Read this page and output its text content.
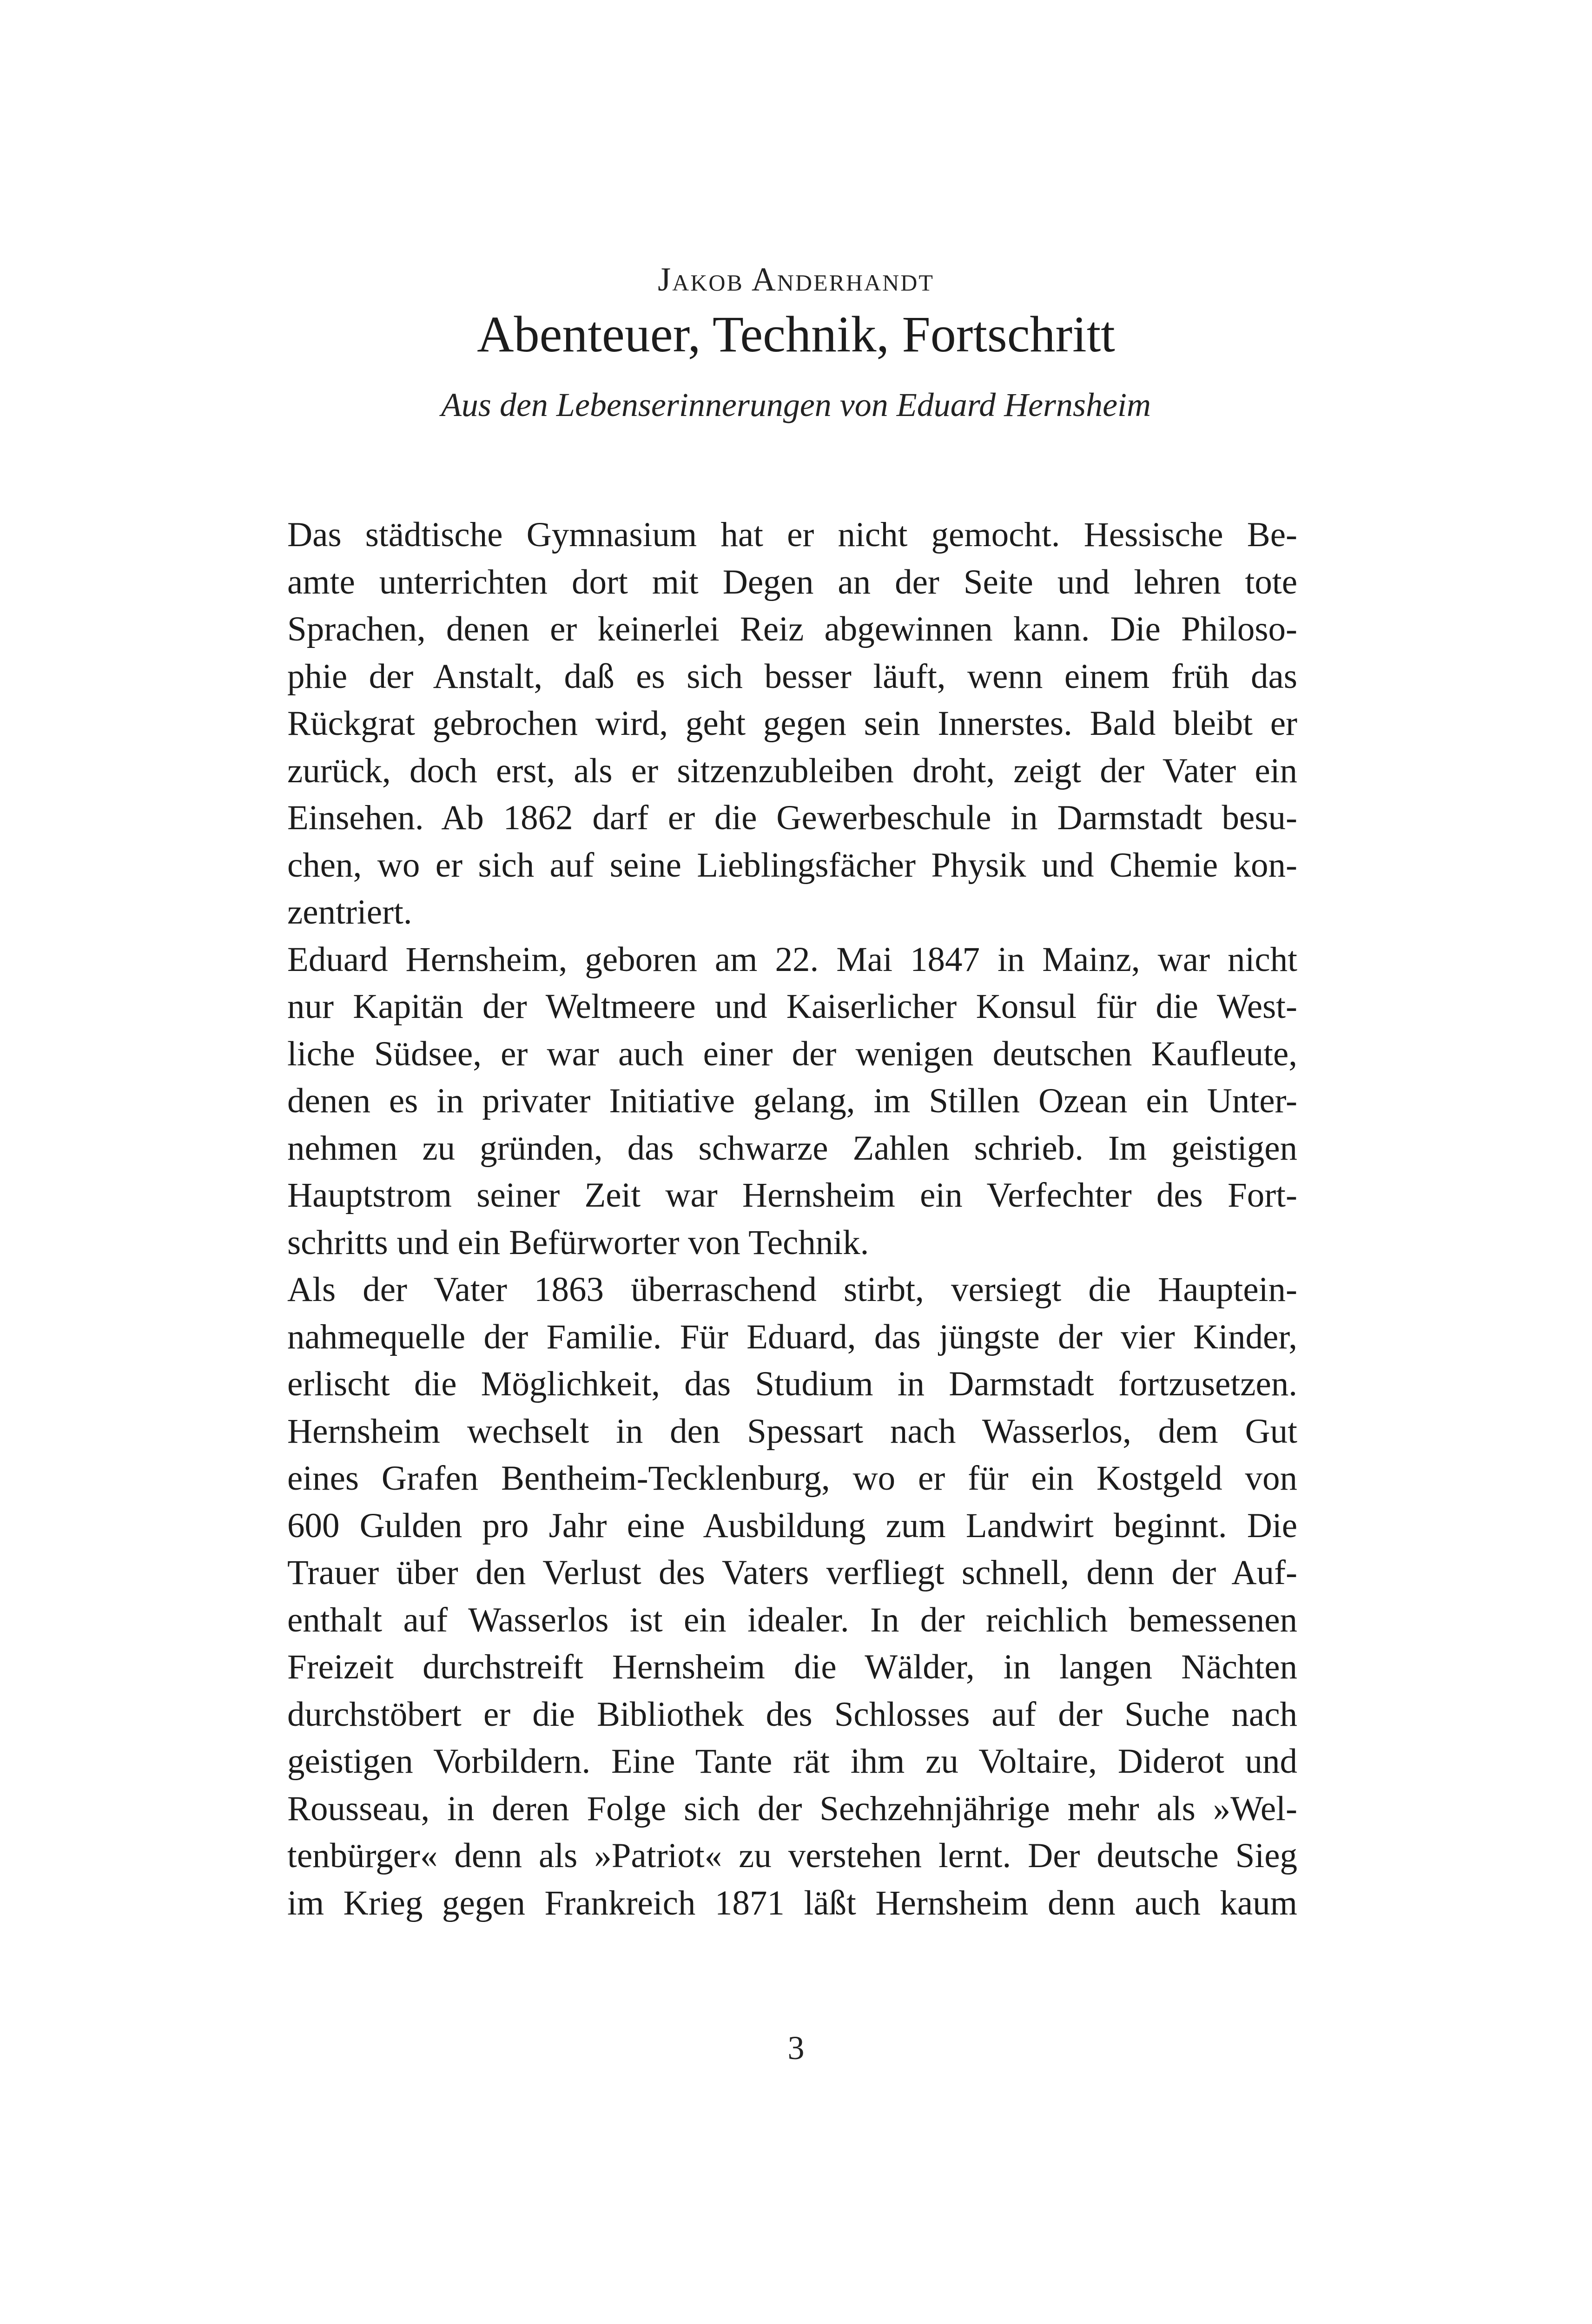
Jakob Anderhandt
Abenteuer, Technik, Fortschritt
Aus den Lebenserinnerungen von Eduard Hernsheim
Das städtische Gymnasium hat er nicht gemocht. Hessische Be-
amte unterrichten dort mit Degen an der Seite und lehren tote
Sprachen, denen er keinerlei Reiz abgewinnen kann. Die Philoso-
phie der Anstalt, daß es sich besser läuft, wenn einem früh das
Rückgrat gebrochen wird, geht gegen sein Innerstes. Bald bleibt er
zurück, doch erst, als er sitzenzubleiben droht, zeigt der Vater ein
Einsehen. Ab 1862 darf er die Gewerbeschule in Darmstadt besu-
chen, wo er sich auf seine Lieblingsfächer Physik und Chemie kon-
zentriert.
Eduard Hernsheim, geboren am 22. Mai 1847 in Mainz, war nicht
nur Kapitän der Weltmeere und Kaiserlicher Konsul für die West-
liche Südsee, er war auch einer der wenigen deutschen Kaufleute,
denen es in privater Initiative gelang, im Stillen Ozean ein Unter-
nehmen zu gründen, das schwarze Zahlen schrieb. Im geistigen
Hauptstrom seiner Zeit war Hernsheim ein Verfechter des Fort-
schritts und ein Befürworter von Technik.
Als der Vater 1863 überraschend stirbt, versiegt die Hauptein-
nahmequelle der Familie. Für Eduard, das jüngste der vier Kinder,
erlischt die Möglichkeit, das Studium in Darmstadt fortzusetzen.
Hernsheim wechselt in den Spessart nach Wasserlos, dem Gut
eines Grafen Bentheim-Tecklenburg, wo er für ein Kostgeld von
600 Gulden pro Jahr eine Ausbildung zum Landwirt beginnt. Die
Trauer über den Verlust des Vaters verfliegt schnell, denn der Auf-
enthalt auf Wasserlos ist ein idealer. In der reichlich bemessenen
Freizeit durchstreift Hernsheim die Wälder, in langen Nächten
durchstöbert er die Bibliothek des Schlosses auf der Suche nach
geistigen Vorbildern. Eine Tante rät ihm zu Voltaire, Diderot und
Rousseau, in deren Folge sich der Sechzehnjährige mehr als »Wel-
tenbürger« denn als »Patriot« zu verstehen lernt. Der deutsche Sieg
im Krieg gegen Frankreich 1871 läßt Hernsheim denn auch kaum
3
